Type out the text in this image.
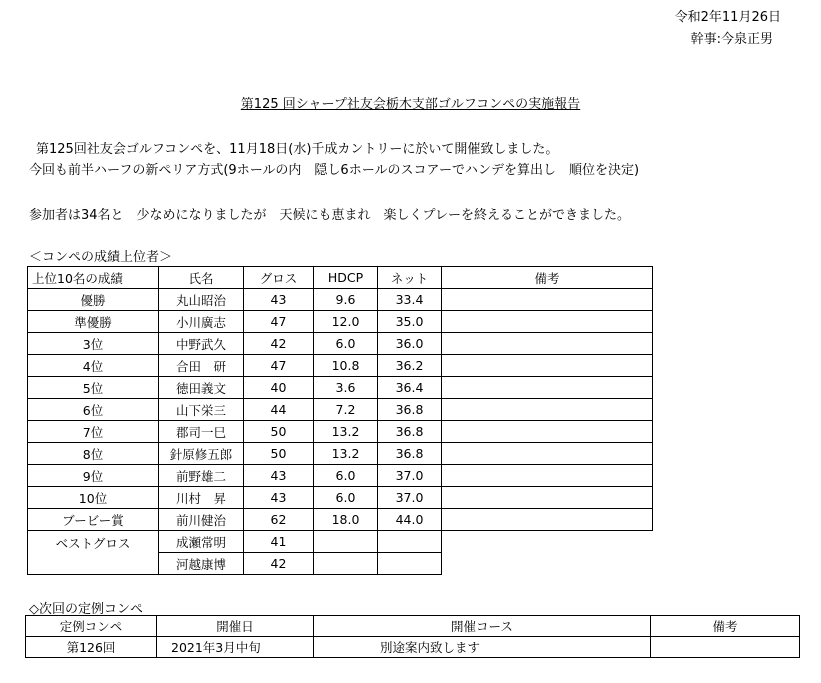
令和2年11月26日
幹事:今泉正男
第125 回シャープ社友会栃木支部ゴルフコンペの実施報告
第125回社友会ゴルフコンペを、11月18日(水)千成カントリーに於いて開催致しました。
今回も前半ハーフの新ペリア方式(9ホールの内　隠し6ホールのスコアーでハンデを算出し　順位を決定)
参加者は34名と　少なめになりましたが　天候にも恵まれ　楽しくプレーを終えることができました。
＜コンペの成績上位者＞
上位10名の成績	氏名	グロス	HDCP	ネット	備考
優勝	丸山昭治	43	9.6	33.4	
準優勝	小川廣志	47	12.0	35.0	
3位	中野武久	42	6.0	36.0	
4位	合田　研	47	10.8	36.2	
5位	徳田義文	40	3.6	36.4	
6位	山下栄三	44	7.2	36.8	
7位	郡司一巳	50	13.2	36.8	
8位	針原修五郎	50	13.2	36.8	
9位	前野雄二	43	6.0	37.0	
10位	川村　昇	43	6.0	37.0	
ブービー賞	前川健治	62	18.0	44.0	
ベストグロス	成瀬常明	41			
	河越康博	42			
◇次回の定例コンペ
定例コンペ	開催日	開催コース	備考
第126回	2021年3月中旬	別途案内致します	
